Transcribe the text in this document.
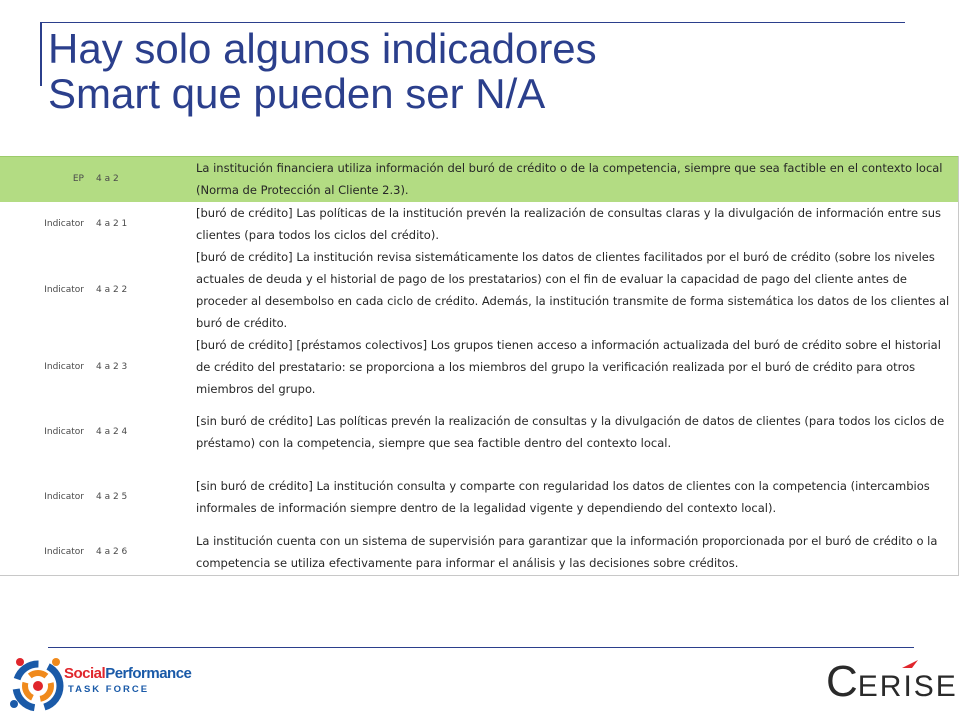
Hay solo algunos indicadores
Smart que pueden ser N/A
EP	4 a 2	La institución financiera utiliza información del buró de crédito o de la competencia, siempre que sea factible en el contexto local (Norma de Protección al Cliente 2.3).
Indicator	4 a 2 1	[buró de crédito] Las políticas de la institución prevén la realización de consultas claras y la divulgación de información entre sus clientes (para todos los ciclos del crédito).
Indicator	4 a 2 2	[buró de crédito] La institución revisa sistemáticamente los datos de clientes facilitados por el buró de crédito (sobre los niveles actuales de deuda y el historial de pago de los prestatarios) con el fin de evaluar la capacidad de pago del cliente antes de proceder al desembolso en cada ciclo de crédito. Además, la institución transmite de forma sistemática los datos de los clientes al buró de crédito.
Indicator	4 a 2 3	[buró de crédito] [préstamos colectivos] Los grupos tienen acceso a información actualizada del buró de crédito sobre el historial de crédito del prestatario: se proporciona a los miembros del grupo la verificación realizada por el buró de crédito para otros miembros del grupo.
Indicator	4 a 2 4	[sin buró de crédito] Las políticas prevén la realización de consultas y la divulgación de datos de clientes (para todos los ciclos de préstamo) con la competencia, siempre que sea factible dentro del contexto local.
Indicator	4 a 2 5	[sin buró de crédito] La institución consulta y comparte con regularidad los datos de clientes con la competencia (intercambios informales de información siempre dentro de la legalidad vigente y dependiendo del contexto local).
Indicator	4 a 2 6	La institución cuenta con un sistema de supervisión para garantizar que la información proporcionada por el buró de crédito o la competencia se utiliza efectivamente para informar el análisis y las decisiones sobre créditos.
SocialPerformance
TASK FORCE	CERISE
